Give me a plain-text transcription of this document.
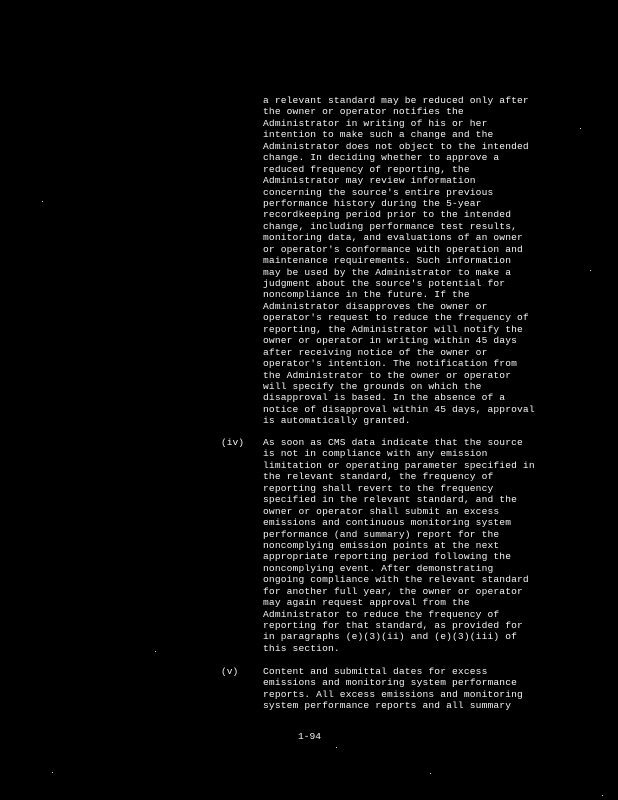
a relevant standard may be reduced only after
the owner or operator notifies the
Administrator in writing of his or her
intention to make such a change and the
Administrator does not object to the intended
change. In deciding whether to approve a
reduced frequency of reporting, the
Administrator may review information
concerning the source's entire previous
performance history during the 5-year
recordkeeping period prior to the intended
change, including performance test results,
monitoring data, and evaluations of an owner
or operator's conformance with operation and
maintenance requirements. Such information
may be used by the Administrator to make a
judgment about the source's potential for
noncompliance in the future. If the
Administrator disapproves the owner or
operator's request to reduce the frequency of
reporting, the Administrator will notify the
owner or operator in writing within 45 days
after receiving notice of the owner or
operator's intention. The notification from
the Administrator to the owner or operator
will specify the grounds on which the
disapproval is based. In the absence of a
notice of disapproval within 45 days, approval
is automatically granted.
(iv) As soon as CMS data indicate that the source
is not in compliance with any emission
limitation or operating parameter specified in
the relevant standard, the frequency of
reporting shall revert to the frequency
specified in the relevant standard, and the
owner or operator shall submit an excess
emissions and continuous monitoring system
performance (and summary) report for the
noncomplying emission points at the next
appropriate reporting period following the
noncomplying event. After demonstrating
ongoing compliance with the relevant standard
for another full year, the owner or operator
may again request approval from the
Administrator to reduce the frequency of
reporting for that standard, as provided for
in paragraphs (e)(3)(ii) and (e)(3)(iii) of
this section.
(v)	Content and submittal dates for excess
emissions and monitoring system performance
reports. All excess emissions and monitoring
system performance reports and all summary
1-94
